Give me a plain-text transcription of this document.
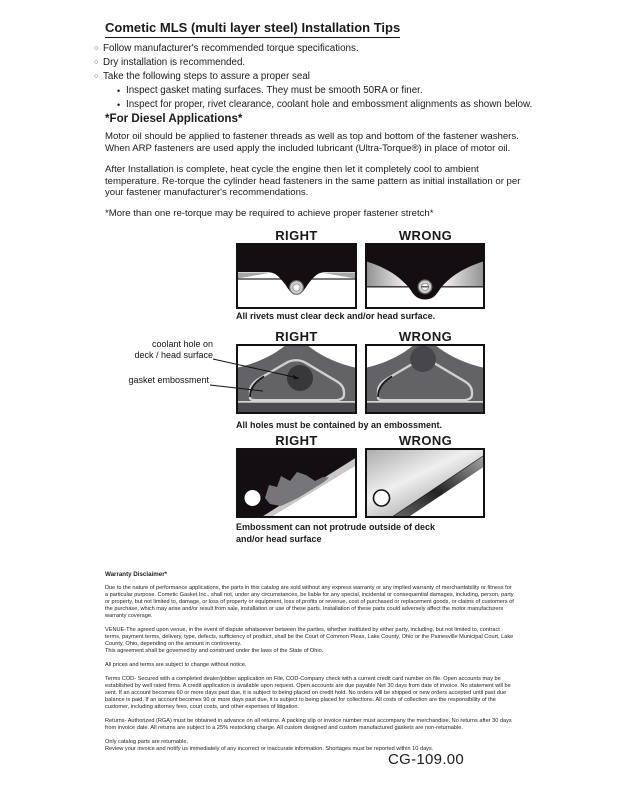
Cometic MLS (multi layer steel) Installation Tips
○ Follow manufacturer's recommended torque specifications.
○ Dry installation is recommended.
○ Take the following steps to assure a proper seal
• Inspect gasket mating surfaces. They must be smooth 50RA or finer.
• Inspect for proper, rivet clearance, coolant hole and embossment alignments as shown below.
*For Diesel Applications*

Motor oil should be applied to fastener threads as well as top and bottom of the fastener washers. When ARP fasteners are used apply the included lubricant (Ultra-Torque®) in place of motor oil.

After Installation is complete, heat cycle the engine then let it completely cool to ambient temperature. Re-torque the cylinder head fasteners in the same pattern as initial installation or per your fastener manufacturer's recommendations.

*More than one re-torque may be required to achieve proper fastener stretch*

RIGHT	WRONG
All rivets must clear deck and/or head surface.
RIGHT	WRONG
coolant hole on
deck / head surface
gasket embossment
All holes must be contained by an embossment.
RIGHT	WRONG
Embossment can not protrude outside of deck
and/or head surface
Warranty Disclaimer*

Due to the nature of performance applications, the parts in this catalog are sold without any express warranty or any implied warranty of merchantability or fitness for a particular purpose. Cometic Gasket Inc., shall not, under any circumstances, be liable for any special, incidental or consequential damages, including, person, party or property, but not limited to, damage, or loss of property or equipment, loss of profits or revenue, cost of purchased or replacement goods, or claims of customers of the purchase, which may arise and/or result from sale, installation or use of these parts. Installation of these parts could adversely affect the motor manufacturers warranty coverage.

VENUE-The agreed upon venue, in the event of dispute whatsoever between the parties, whether instituted by either party, including, but not limited to, contract terms, payment terms, delivery, type, defects, sufficiency of product, shall be the Court of Common Pleas, Lake County, Ohio or the Painesville Municipal Court, Lake County, Ohio, depending on the amount in controversy.

This agreement shall be governed by and construed under the laws of the State of Ohio.

All prices and terms are subject to change without notice.

Terms COD- Secured with a completed dealer/jobber application on File, COD-Company check with a current credit card number on file. Open accounts may be established by well rated firms. A credit application is available upon request. Open accounts are due payable Net 30 days from date of invoice. No statement will be sent. If an account becomes 60 or more days past due, it is subject to being placed on credit hold. No orders will be shipped or new orders accepted until past due balance is paid. If an account becomes 90 or more days past due, it is subject to being placed for collections. All costs of collection are the responsibility of the customer, including attorney fees, court costs, and other expenses of litigation.

Returns- Authorized (RGA) must be obtained in advance on all returns. A packing slip or invoice number must accompany the merchandise. No returns after 30 days from invoice date. All returns are subject to a 25% restocking charge. All custom designed and custom manufactured gaskets are non-returnable.

Only catalog parts are returnable.

Review your invoice and notify us immediately of any incorrect or inaccurate information. Shortages must be reported within 10 days.

CG-109.00
